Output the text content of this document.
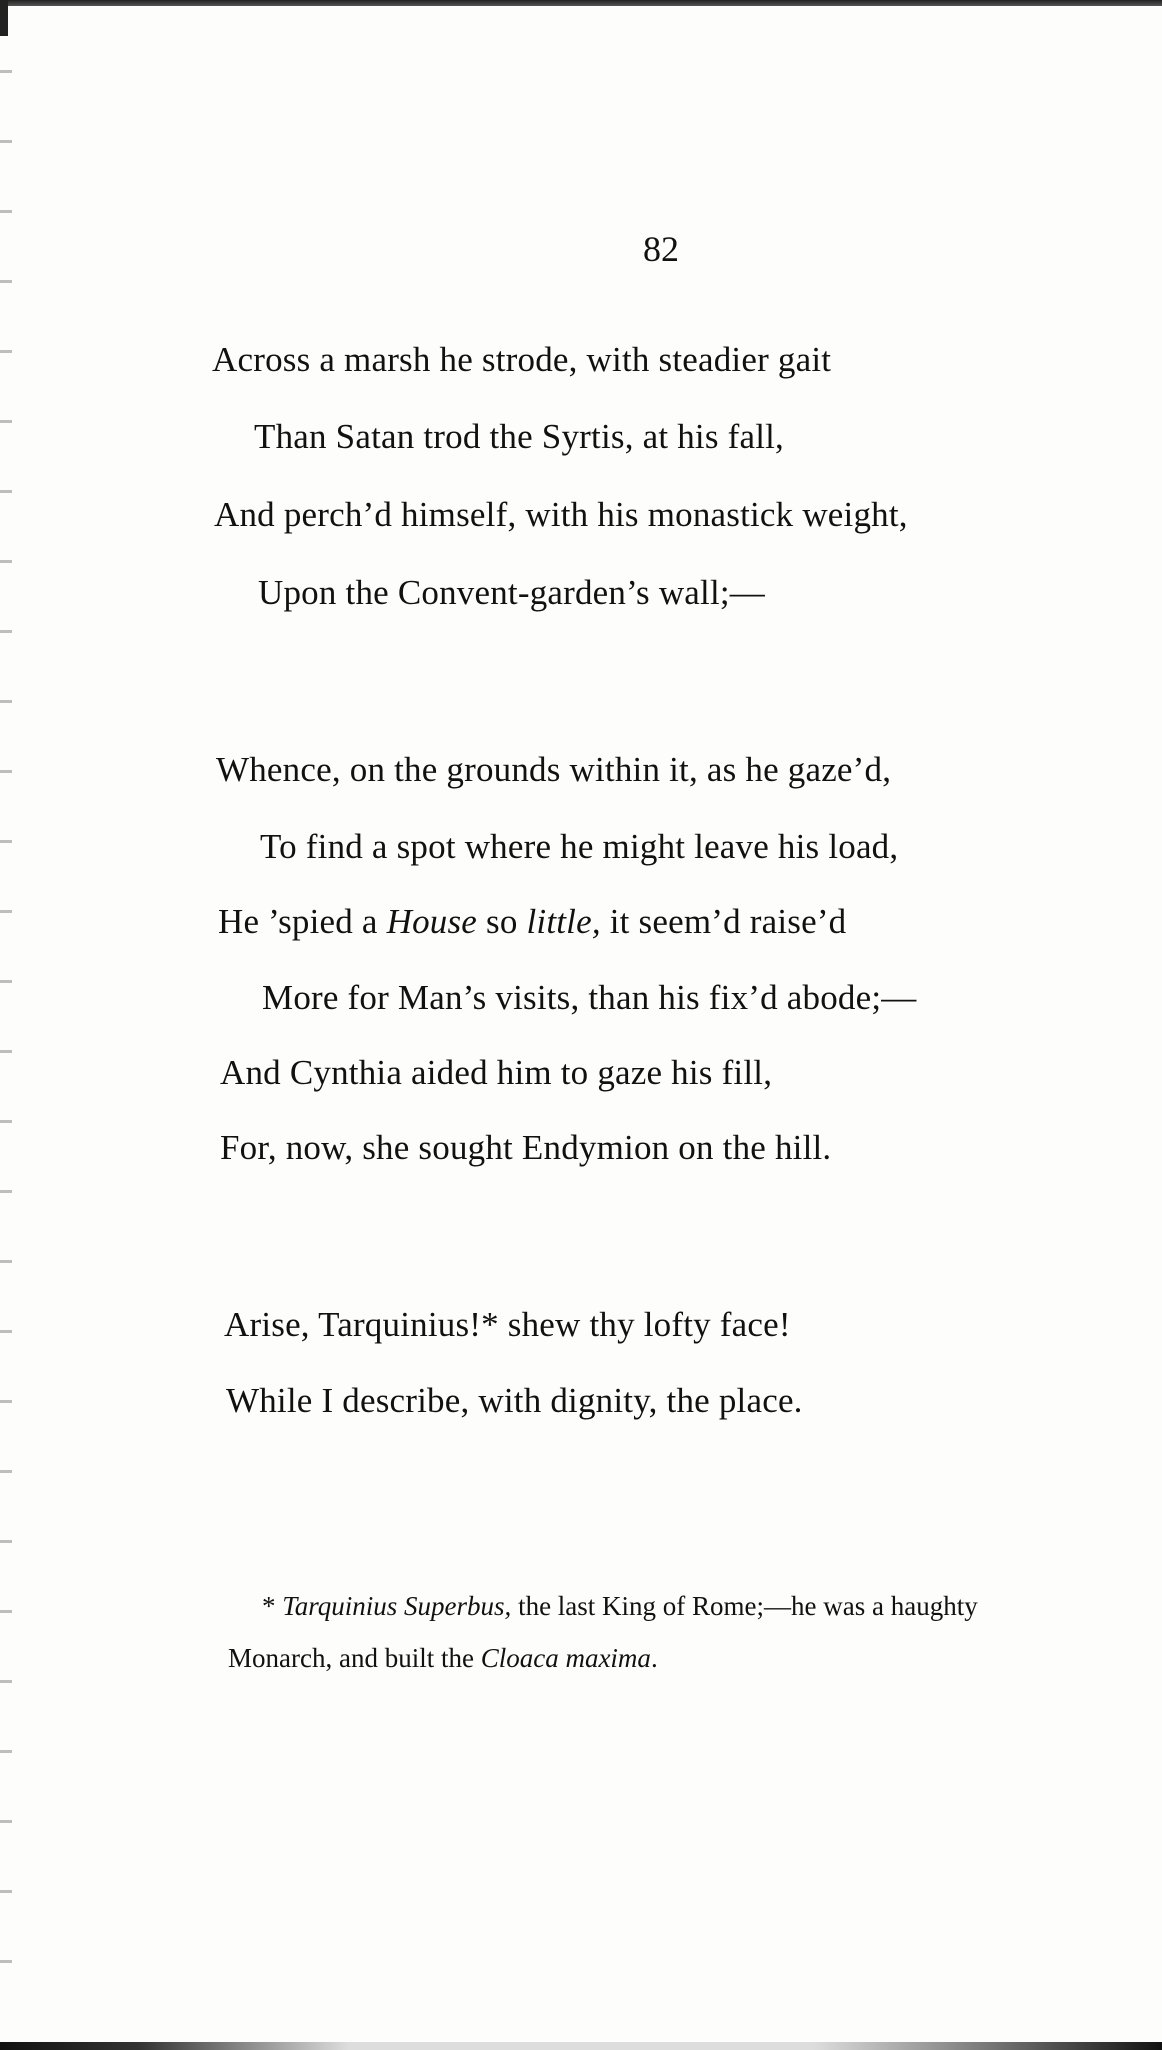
82
Across a marsh he strode, with steadier gait
Than Satan trod the Syrtis, at his fall,
And perch’d himself, with his monastick weight,
Upon the Convent-garden’s wall;—
Whence, on the grounds within it, as he gaze’d,
To find a spot where he might leave his load,
He ’spied a House so little, it seem’d raise’d
More for Man’s visits, than his fix’d abode;—
And Cynthia aided him to gaze his fill,
For, now, she sought Endymion on the hill.
Arise, Tarquinius!* shew thy lofty face!
While I describe, with dignity, the place.
* Tarquinius Superbus, the last King of Rome;—he was a haughty
Monarch, and built the Cloaca maxima.
